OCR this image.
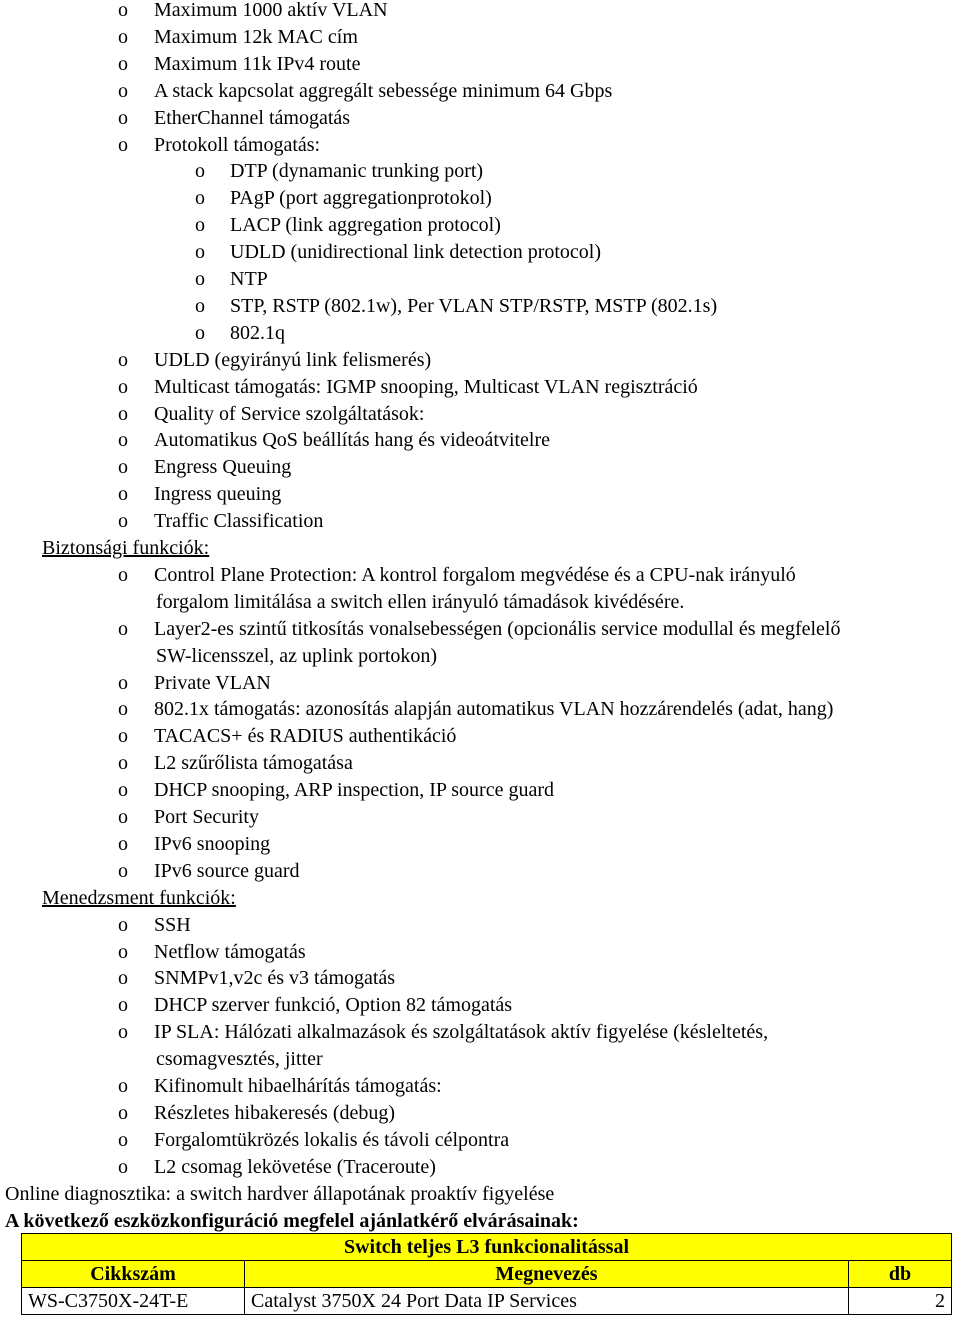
o Maximum 1000 aktív VLAN
o Maximum 12k MAC cím
o Maximum 11k IPv4 route
o A stack kapcsolat aggregált sebessége minimum 64 Gbps
o EtherChannel támogatás
o Protokoll támogatás:
o DTP (dynamanic trunking port)
o PAgP (port aggregationprotokol)
o LACP (link aggregation protocol)
o UDLD (unidirectional link detection protocol)
o NTP
o STP, RSTP (802.1w), Per VLAN STP/RSTP, MSTP (802.1s)
o 802.1q
o UDLD (egyirányú link felismerés)
o Multicast támogatás: IGMP snooping, Multicast VLAN regisztráció
o Quality of Service szolgáltatások:
o Automatikus QoS beállítás hang és videoátvitelre
o Engress Queuing
o Ingress queuing
o Traffic Classification
Biztonsági funkciók:
o Control Plane Protection: A kontrol forgalom megvédése és a CPU-nak irányuló
forgalom limitálása a switch ellen irányuló támadások kivédésére.
o Layer2-es szintű titkosítás vonalsebességen (opcionális service modullal és megfelelő
SW-licensszel, az uplink portokon)
o Private VLAN
o 802.1x támogatás: azonosítás alapján automatikus VLAN hozzárendelés (adat, hang)
o TACACS+ és RADIUS authentikáció
o L2 szűrőlista támogatása
o DHCP snooping, ARP inspection, IP source guard
o Port Security
o IPv6 snooping
o IPv6 source guard
Menedzsment funkciók:
o SSH
o Netflow támogatás
o SNMPv1,v2c és v3 támogatás
o DHCP szerver funkció, Option 82 támogatás
o IP SLA: Hálózati alkalmazások és szolgáltatások aktív figyelése (késleltetés,
csomagvesztés, jitter
o Kifinomult hibaelhárítás támogatás:
o Részletes hibakeresés (debug)
o Forgalomtükrözés lokalis és távoli célpontra
o L2 csomag lekövetése (Traceroute)
Online diagnosztika: a switch hardver állapotának proaktív figyelése
A következő eszközkonfiguráció megfelel ajánlatkérő elvárásainak:
Switch teljes L3 funkcionalitással		
Cikkszám	Megnevezés	db
WS-C3750X-24T-E	Catalyst 3750X 24 Port Data IP Services	2
